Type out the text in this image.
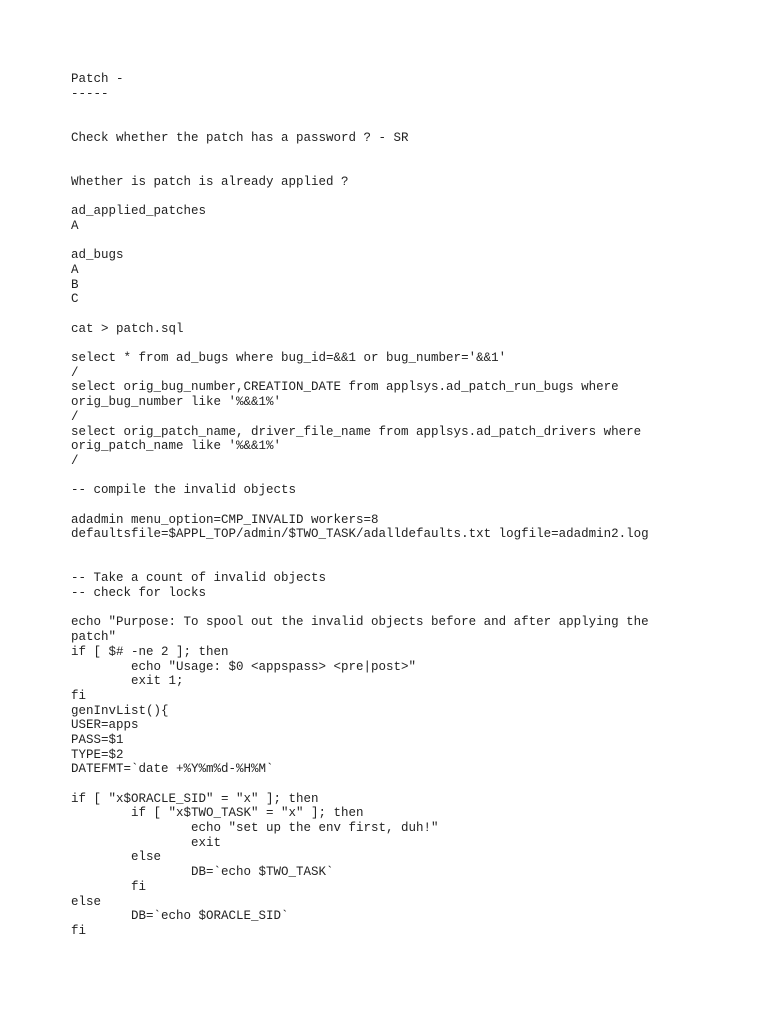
Patch -
-----
Check whether the patch has a password ? - SR
Whether is patch is already applied ?
ad_applied_patches
A
ad_bugs
A
B
C
cat > patch.sql
select * from ad_bugs where bug_id=&&1 or bug_number='&&1'
/
select orig_bug_number,CREATION_DATE from applsys.ad_patch_run_bugs where
orig_bug_number like '%&&1%'
/
select orig_patch_name, driver_file_name from applsys.ad_patch_drivers where
orig_patch_name like '%&&1%'
/
-- compile the invalid objects
adadmin menu_option=CMP_INVALID workers=8
defaultsfile=$APPL_TOP/admin/$TWO_TASK/adalldefaults.txt logfile=adadmin2.log
-- Take a count of invalid objects
-- check for locks
echo "Purpose: To spool out the invalid objects before and after applying the
patch"
if [ $# -ne 2 ]; then
echo "Usage: $0 <appspass> <pre|post>"
exit 1;
fi
genInvList(){
USER=apps
PASS=$1
TYPE=$2
DATEFMT=`date +%Y%m%d-%H%M`
if [ "x$ORACLE_SID" = "x" ]; then
if [ "x$TWO_TASK" = "x" ]; then
echo "set up the env first, duh!"
exit
else
DB=`echo $TWO_TASK`
fi
else
DB=`echo $ORACLE_SID`
fi
